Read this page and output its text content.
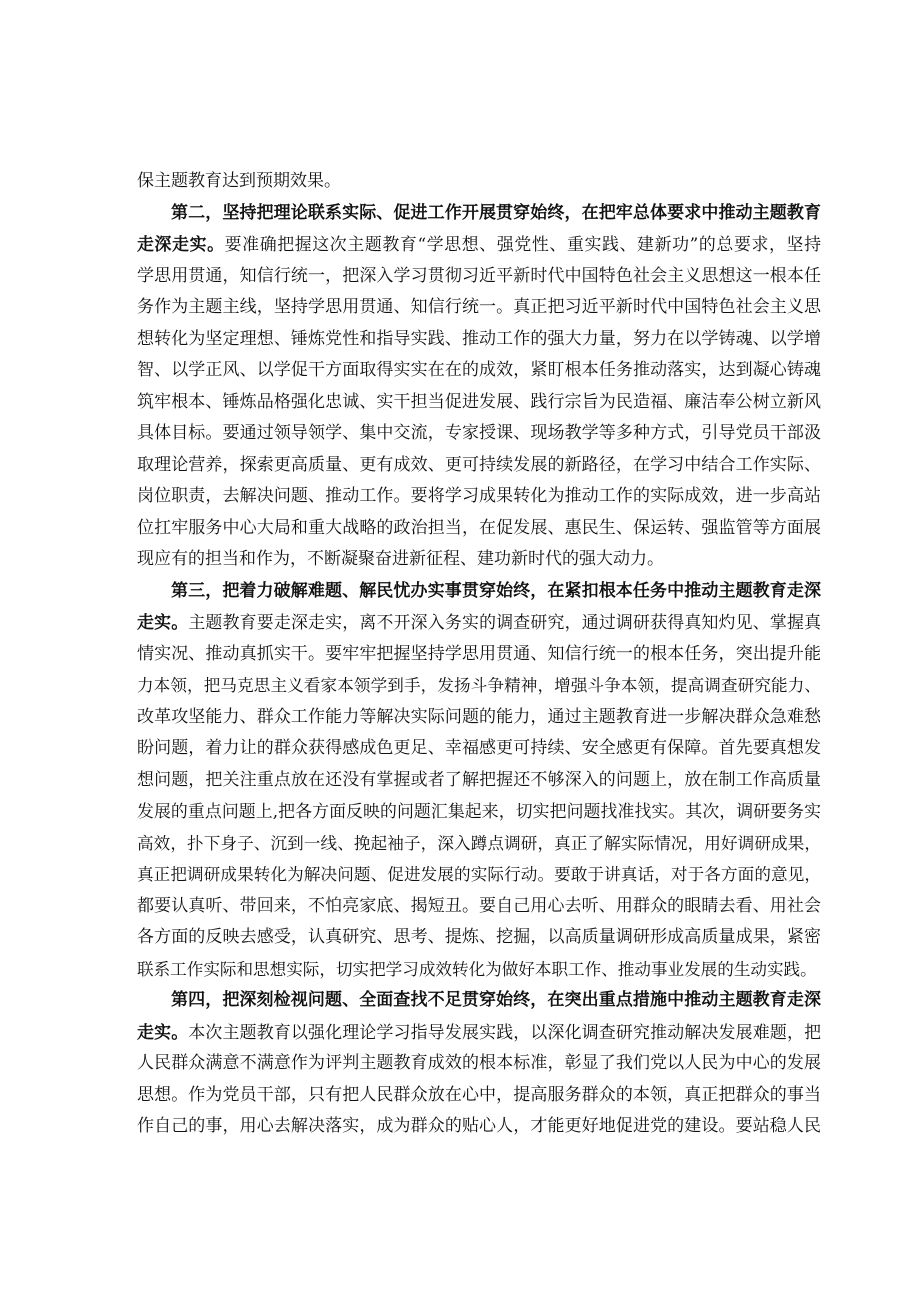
保主题教育达到预期效果。
第二，坚持把理论联系实际、促进工作开展贯穿始终，在把牢总体要求中推动主题教育
走深走实。要准确把握这次主题教育“学思想、强党性、重实践、建新功”的总要求，坚持
学思用贯通，知信行统一，把深入学习贯彻习近平新时代中国特色社会主义思想这一根本任
务作为主题主线，坚持学思用贯通、知信行统一。真正把习近平新时代中国特色社会主义思
想转化为坚定理想、锤炼党性和指导实践、推动工作的强大力量，努力在以学铸魂、以学增
智、以学正风、以学促干方面取得实实在在的成效，紧盯根本任务推动落实，达到凝心铸魂
筑牢根本、锤炼品格强化忠诚、实干担当促进发展、践行宗旨为民造福、廉洁奉公树立新风
具体目标。要通过领导领学、集中交流，专家授课、现场教学等多种方式，引导党员干部汲
取理论营养，探索更高质量、更有成效、更可持续发展的新路径，在学习中结合工作实际、
岗位职责，去解决问题、推动工作。要将学习成果转化为推动工作的实际成效，进一步高站
位扛牢服务中心大局和重大战略的政治担当，在促发展、惠民生、保运转、强监管等方面展
现应有的担当和作为，不断凝聚奋进新征程、建功新时代的强大动力。
第三，把着力破解难题、解民忧办实事贯穿始终，在紧扣根本任务中推动主题教育走深
走实。主题教育要走深走实，离不开深入务实的调查研究，通过调研获得真知灼见、掌握真
情实况、推动真抓实干。要牢牢把握坚持学思用贯通、知信行统一的根本任务，突出提升能
力本领，把马克思主义看家本领学到手，发扬斗争精神，增强斗争本领，提高调查研究能力、
改革攻坚能力、群众工作能力等解决实际问题的能力，通过主题教育进一步解决群众急难愁
盼问题，着力让的群众获得感成色更足、幸福感更可持续、安全感更有保障。首先要真想发
想问题，把关注重点放在还没有掌握或者了解把握还不够深入的问题上，放在制工作高质量
发展的重点问题上,把各方面反映的问题汇集起来，切实把问题找准找实。其次，调研要务实
高效，扑下身子、沉到一线、挽起袖子，深入蹲点调研，真正了解实际情况，用好调研成果，
真正把调研成果转化为解决问题、促进发展的实际行动。要敢于讲真话，对于各方面的意见，
都要认真听、带回来，不怕亮家底、揭短丑。要自己用心去听、用群众的眼睛去看、用社会
各方面的反映去感受，认真研究、思考、提炼、挖掘，以高质量调研形成高质量成果，紧密
联系工作实际和思想实际，切实把学习成效转化为做好本职工作、推动事业发展的生动实践。
第四，把深刻检视问题、全面查找不足贯穿始终，在突出重点措施中推动主题教育走深
走实。本次主题教育以强化理论学习指导发展实践，以深化调查研究推动解决发展难题，把
人民群众满意不满意作为评判主题教育成效的根本标准，彰显了我们党以人民为中心的发展
思想。作为党员干部，只有把人民群众放在心中，提高服务群众的本领，真正把群众的事当
作自己的事，用心去解决落实，成为群众的贴心人，才能更好地促进党的建设。要站稳人民
